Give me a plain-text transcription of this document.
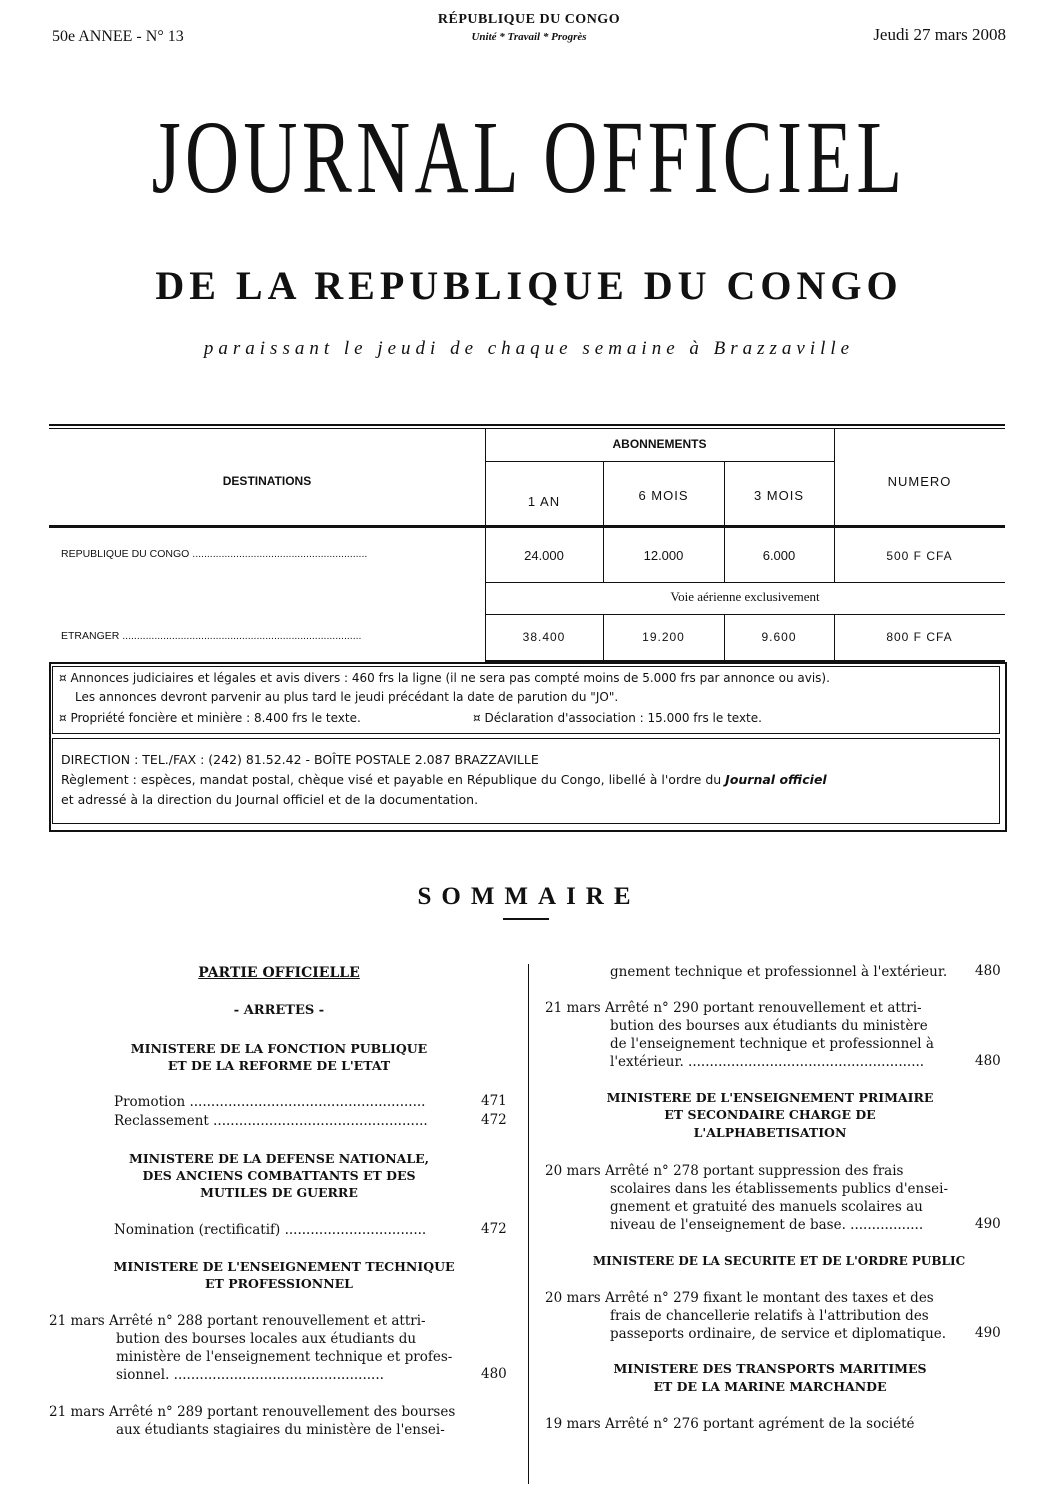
50e ANNEE - N° 13
RÉPUBLIQUE DU CONGO
Unité * Travail * Progrès	Jeudi 27 mars 2008
JOURNAL OFFICIEL
DE LA REPUBLIQUE DU CONGO
paraissant le jeudi de chaque semaine à Brazzaville
DESTINATIONS
ABONNEMENTS
1 AN	6 MOIS	3 MOIS
NUMERO
REPUBLIQUE DU CONGO ............................................................	24.000	12.000	6.000	500 F CFA
Voie aérienne exclusivement
ETRANGER ..................................................................................	38.400	19.200	9.600	800 F CFA
¤ Annonces judiciaires et légales et avis divers : 460 frs la ligne (il ne sera pas compté moins de 5.000 frs par annonce ou avis).
Les annonces devront parvenir au plus tard le jeudi précédant la date de parution du "JO".
¤ Propriété foncière et minière : 8.400 frs le texte.	¤ Déclaration d'association : 15.000 frs le texte.
DIRECTION : TEL./FAX : (242) 81.52.42 - BOÎTE POSTALE 2.087 BRAZZAVILLE
Règlement : espèces, mandat postal, chèque visé et payable en République du Congo, libellé à l'ordre du Journal officiel
et adressé à la direction du Journal officiel et de la documentation.
SOMMAIRE
PARTIE OFFICIELLE
- ARRETES -
MINISTERE DE LA FONCTION PUBLIQUE
ET DE LA REFORME DE L'ETAT
Promotion .......................................................	471
Reclassement ..................................................	472
MINISTERE DE LA DEFENSE NATIONALE,
DES ANCIENS COMBATTANTS ET DES
MUTILES DE GUERRE
Nomination (rectificatif) .................................	472
MINISTERE DE L'ENSEIGNEMENT TECHNIQUE
ET PROFESSIONNEL
21 mars Arrêté n° 288 portant renouvellement et attri-
bution des bourses locales aux étudiants du
ministère de l'enseignement technique et profes-
sionnel. .................................................	480
21 mars Arrêté n° 289 portant renouvellement des bourses
aux étudiants stagiaires du ministère de l'ensei-
gnement technique et professionnel à l'extérieur. 480
21 mars Arrêté n° 290 portant renouvellement et attri-
bution des bourses aux étudiants du ministère
de l'enseignement technique et professionnel à
l'extérieur. .......................................................	480
MINISTERE DE L'ENSEIGNEMENT PRIMAIRE
ET SECONDAIRE CHARGE DE
L'ALPHABETISATION
20 mars Arrêté n° 278 portant suppression des frais
scolaires dans les établissements publics d'ensei-
gnement et gratuité des manuels scolaires au
niveau de l'enseignement de base. .................	490
MINISTERE DE LA SECURITE ET DE L'ORDRE PUBLIC
20 mars Arrêté n° 279 fixant le montant des taxes et des
frais de chancellerie relatifs à l'attribution des
passeports ordinaire, de service et diplomatique. 490
MINISTERE DES TRANSPORTS MARITIMES
ET DE LA MARINE MARCHANDE
19 mars Arrêté n° 276 portant agrément de la société
